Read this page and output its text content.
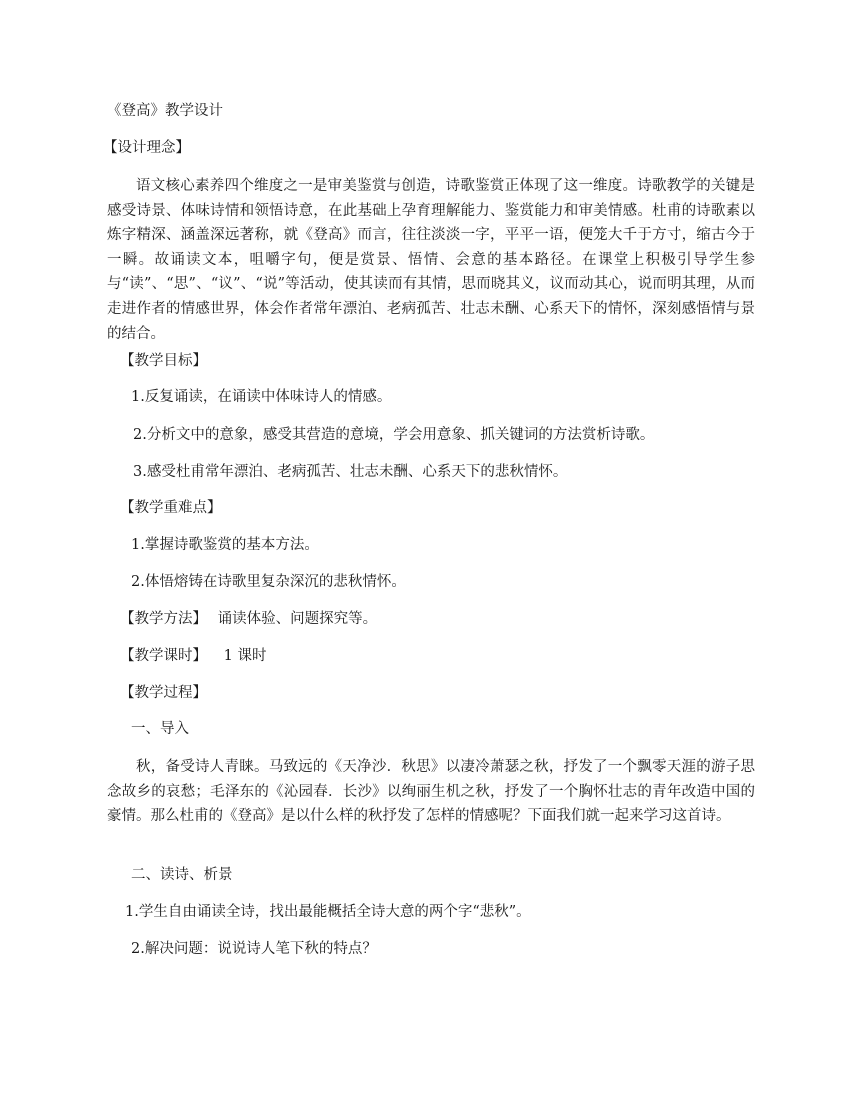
《登高》教学设计
【设计理念】
语文核心素养四个维度之一是审美鉴赏与创造，诗歌鉴赏正体现了这一维度。诗歌教学的关键是感受诗景、体味诗情和领悟诗意，在此基础上孕育理解能力、鉴赏能力和审美情感。杜甫的诗歌素以炼字精深、涵盖深远著称，就《登高》而言，往往淡淡一字，平平一语，便笼大千于方寸，缩古今于一瞬。故诵读文本，咀嚼字句，便是赏景、悟情、会意的基本路径。在课堂上积极引导学生参与“读”、“思”、“议”、“说”等活动，使其读而有其情，思而晓其义，议而动其心，说而明其理，从而走进作者的情感世界，体会作者常年漂泊、老病孤苦、壮志未酬、心系天下的情怀，深刻感悟情与景的结合。
【教学目标】
1.反复诵读，在诵读中体味诗人的情感。
2.分析文中的意象，感受其营造的意境，学会用意象、抓关键词的方法赏析诗歌。
3.感受杜甫常年漂泊、老病孤苦、壮志未酬、心系天下的悲秋情怀。
【教学重难点】
1.掌握诗歌鉴赏的基本方法。
2.体悟熔铸在诗歌里复杂深沉的悲秋情怀。
【教学方法】 诵读体验、问题探究等。
【教学课时】 1 课时
【教学过程】
一、导入
秋，备受诗人青睐。马致远的《天净沙．秋思》以凄冷萧瑟之秋，抒发了一个飘零天涯的游子思念故乡的哀愁；毛泽东的《沁园春．长沙》以绚丽生机之秋，抒发了一个胸怀壮志的青年改造中国的豪情。那么杜甫的《登高》是以什么样的秋抒发了怎样的情感呢？下面我们就一起来学习这首诗。
二、读诗、析景
1.学生自由诵读全诗，找出最能概括全诗大意的两个字“悲秋”。
2.解决问题：说说诗人笔下秋的特点？
